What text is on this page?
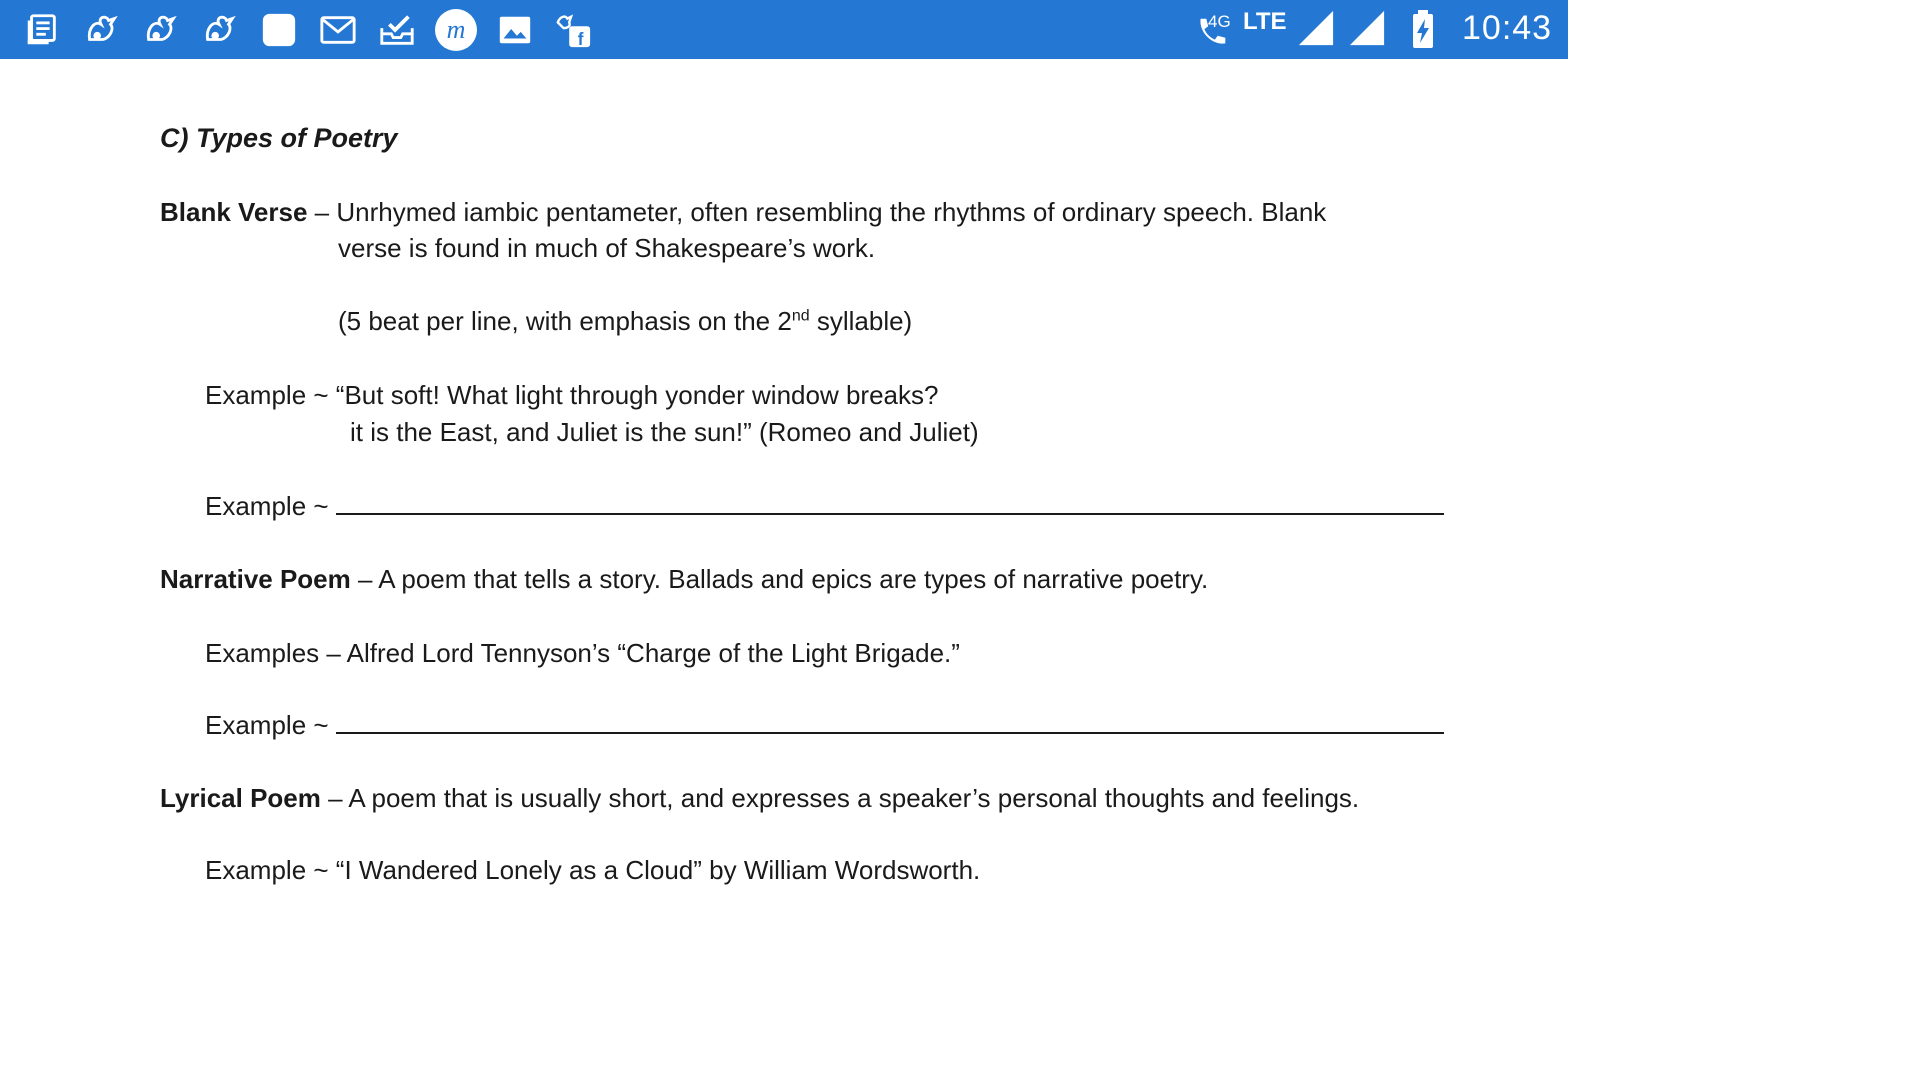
m	f
4G LTE	10:43
C) Types of Poetry
Blank Verse – Unrhymed iambic pentameter, often resembling the rhythms of ordinary speech. Blank
verse is found in much of Shakespeare’s work.
(5 beat per line, with emphasis on the 2nd syllable)
Example ~ “But soft! What light through yonder window breaks?
it is the East, and Juliet is the sun!” (Romeo and Juliet)
Example ~
Narrative Poem – A poem that tells a story. Ballads and epics are types of narrative poetry.
Examples – Alfred Lord Tennyson’s “Charge of the Light Brigade.”
Example ~
Lyrical Poem – A poem that is usually short, and expresses a speaker’s personal thoughts and feelings.
Example ~ “I Wandered Lonely as a Cloud” by William Wordsworth.
